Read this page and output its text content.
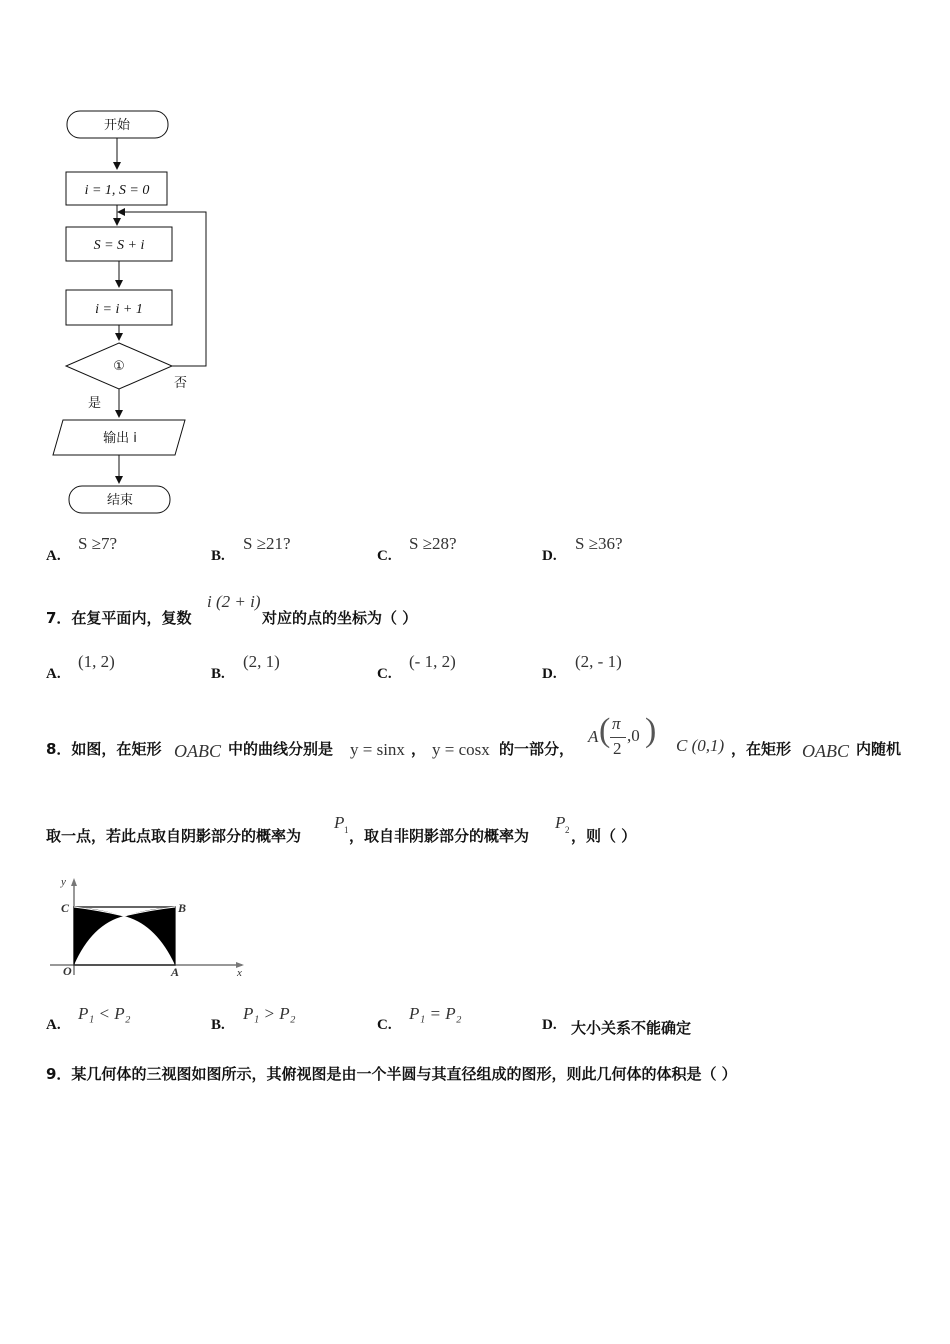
开始
i = 1, S = 0
S = S + i
i = i + 1
①
否
是
输出 i
结束
A.
S ≥7?
B.
S ≥21?
C.
S ≥28?
D.
S ≥36?
7．在复平面内，复数
i (2 + i)
对应的点的坐标为（ ）
A.
(1, 2)
B.
(2, 1)
C.
(- 1, 2)
D.
(2, - 1)
8．如图，在矩形 OABC 中的曲线分别是 y = sinx ， y = cosx 的一部分，
A ( π
2
,0 ) C (0,1) ，在矩形 OABC 内随机
取一点，若此点取自阴影部分的概率为
P 1 ，取自非阴影部分的概率为
P 2 ，则（ ）
y
x
C	B
O	A
A.
P₁ < P₂
B.
P₁ > P₂
C.
P₁ = P₂
D. 大小关系不能确定
9．某几何体的三视图如图所示，其俯视图是由一个半圆与其直径组成的图形，则此几何体的体积是（ ）
